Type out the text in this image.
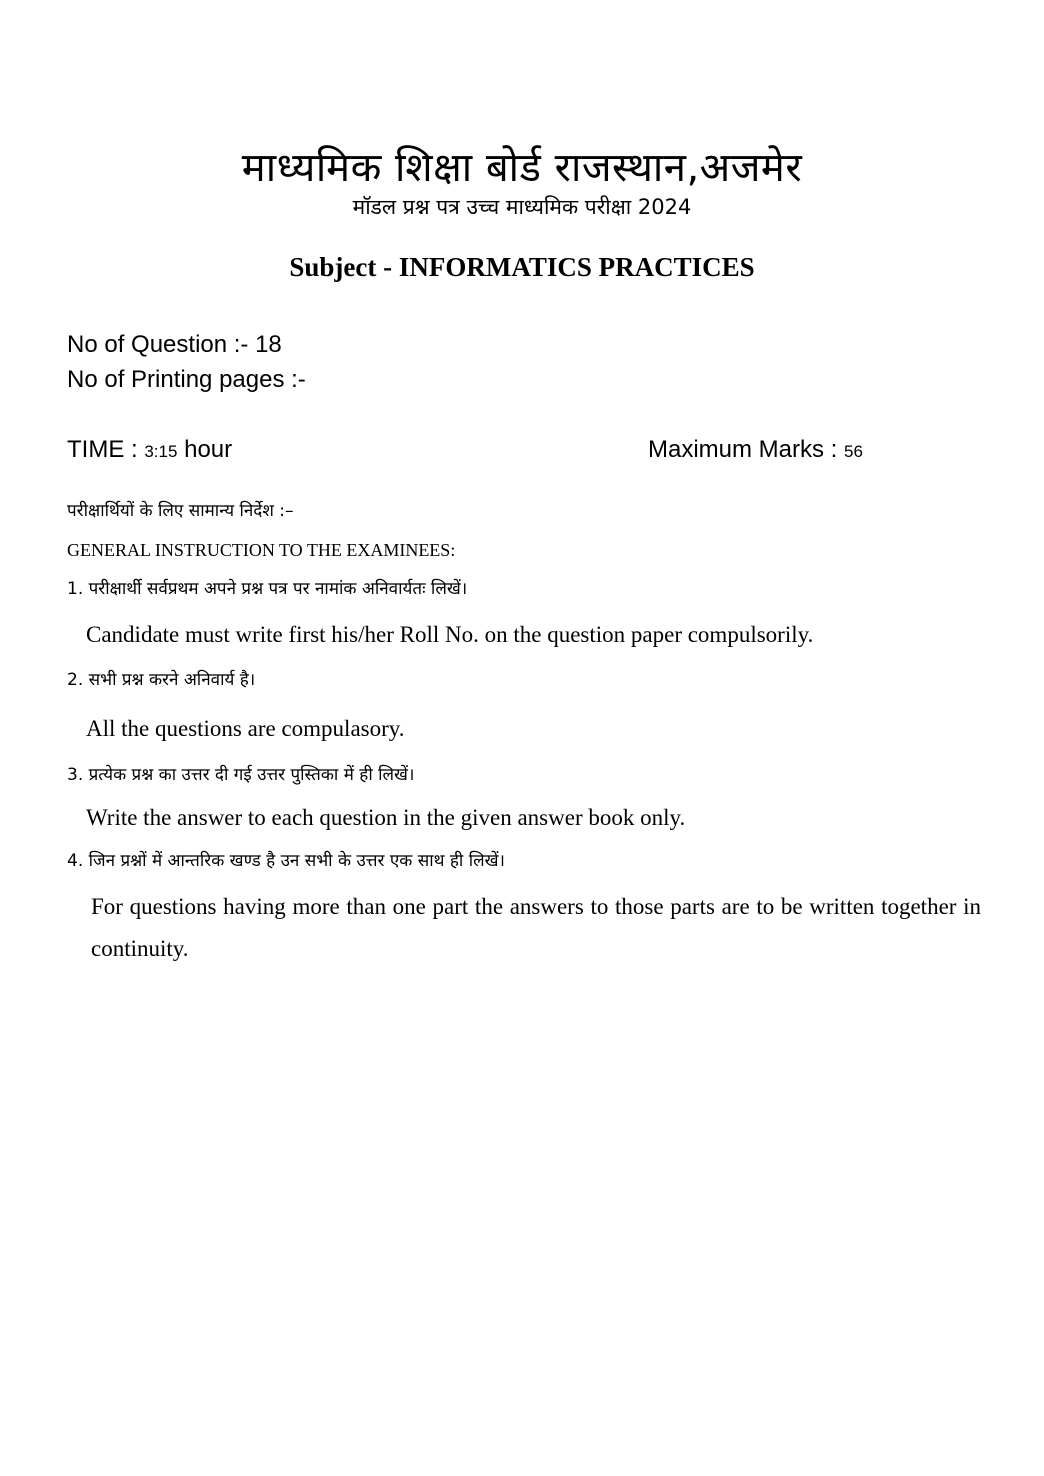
माध्यमिक शिक्षा बोर्ड राजस्थान,अजमेर
मॉडल प्रश्न पत्र उच्च माध्यमिक परीक्षा 2024
Subject - INFORMATICS PRACTICES
No of Question :- 18
No of Printing pages :-
TIME : 3:15 hour	Maximum Marks : 56
परीक्षार्थियों के लिए सामान्य निर्देश :–
GENERAL INSTRUCTION TO THE EXAMINEES:
1. परीक्षार्थी सर्वप्रथम अपने प्रश्न पत्र पर नामांक अनिवार्यतः लिखें।
Candidate must write first his/her Roll No. on the question paper compulsorily.
2. सभी प्रश्न करने अनिवार्य है।
All the questions are compulasory.
3. प्रत्येक प्रश्न का उत्तर दी गई उत्तर पुस्तिका में ही लिखें।
Write the answer to each question in the given answer book only.
4. जिन प्रश्नों में आन्तरिक खण्ड है उन सभी के उत्तर एक साथ ही लिखें।
For questions having more than one part the answers to those parts are to be written together in continuity.
